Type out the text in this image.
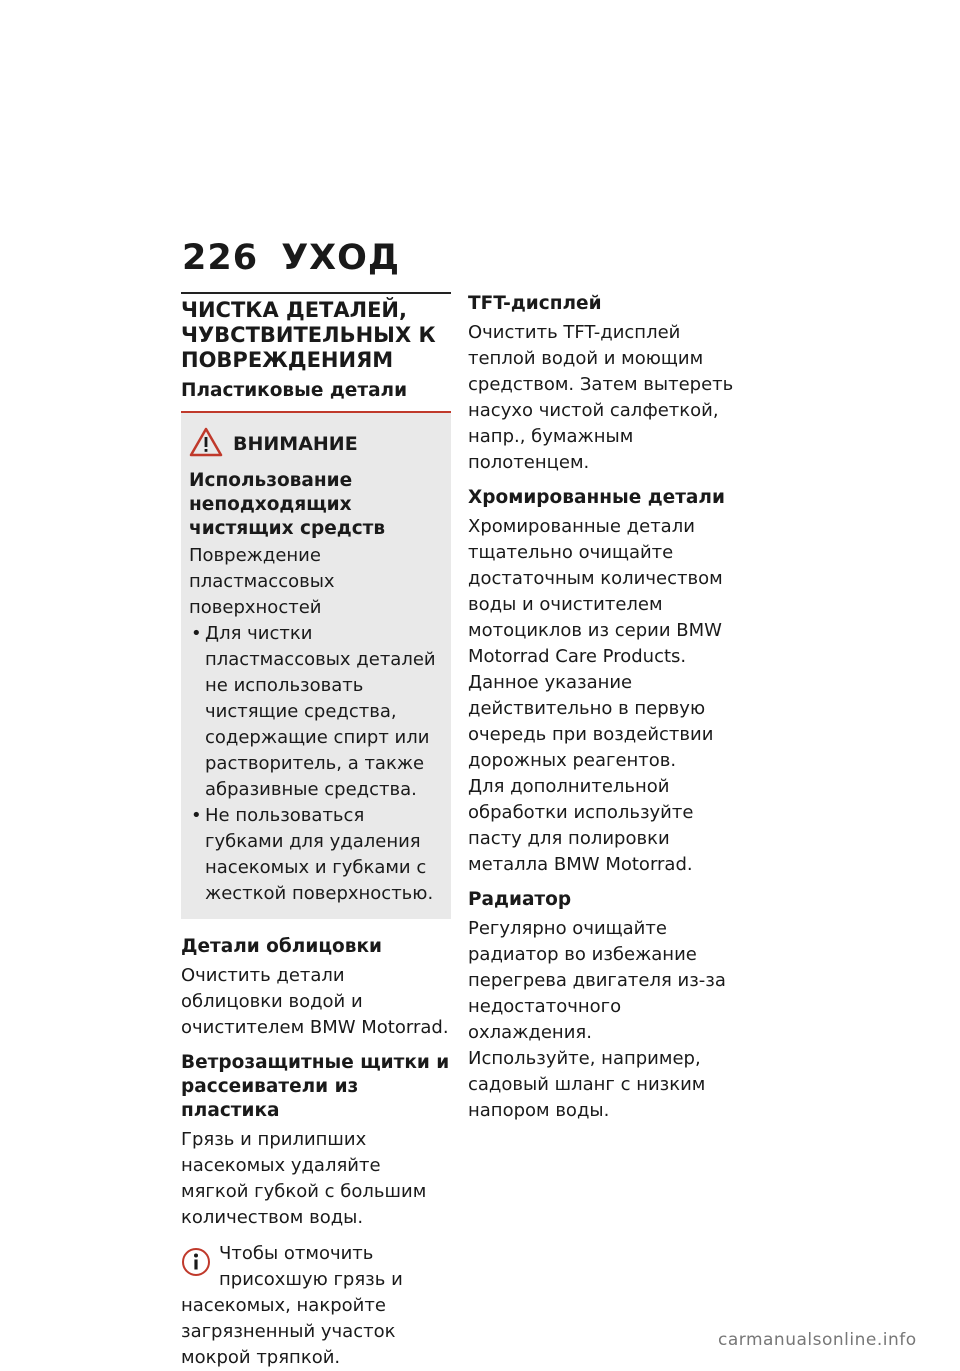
226 УХОД
ЧИСТКА ДЕТАЛЕЙ, ЧУВСТВИТЕЛЬНЫХ К ПОВРЕЖДЕНИЯМ
Пластиковые детали
ВНИМАНИЕ
Использование неподходящих чистящих средств

Повреждение пластмассовых поверхностей

• Для чистки пластмассовых деталей не использовать чистящие средства, содержащие спирт или растворитель, а также абразивные средства.
• Не пользоваться губками для удаления насекомых и губками с жесткой поверхностью.
Детали облицовки

Очистить детали облицовки водой и очистителем BMW Motorrad.

Ветрозащитные щитки и рассеиватели из пластика

Грязь и прилипших насекомых удаляйте мягкой губкой с большим количеством воды.

Чтобы отмочить присохшую грязь и насекомых, накройте загрязненный участок мокрой тряпкой.

TFT-дисплей

Очистить TFT-дисплей теплой водой и моющим средством. Затем вытереть насухо чистой салфеткой, напр., бумажным полотенцем.

Хромированные детали

Хромированные детали тщательно очищайте достаточным количеством воды и очистителем мотоциклов из серии BMW Motorrad Care Products. Данное указание действительно в первую очередь при воздействии дорожных реагентов.

Для дополнительной обработки используйте пасту для полировки металла BMW Motorrad.

Радиатор

Регулярно очищайте радиатор во избежание перегрева двигателя из-за недостаточного охлаждения.

Используйте, например, садовый шланг с низким напором воды.

carmanualsonline.info
